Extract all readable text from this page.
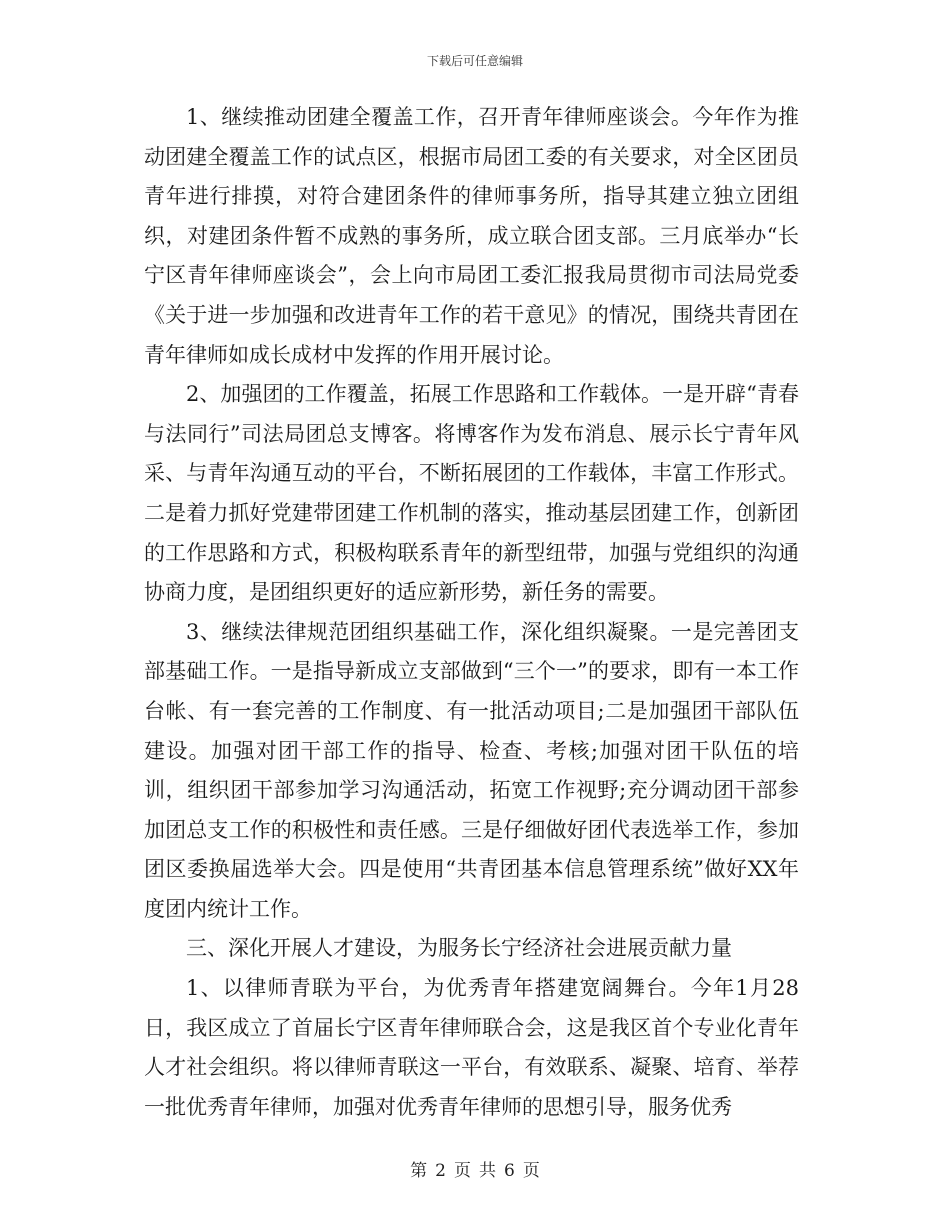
下载后可任意编辑

1、继续推动团建全覆盖工作，召开青年律师座谈会。今年作为推动团建全覆盖工作的试点区，根据市局团工委的有关要求，对全区团员青年进行排摸，对符合建团条件的律师事务所，指导其建立独立团组织，对建团条件暂不成熟的事务所，成立联合团支部。三月底举办“长宁区青年律师座谈会”，会上向市局团工委汇报我局贯彻市司法局党委《关于进一步加强和改进青年工作的若干意见》的情况，围绕共青团在青年律师如成长成材中发挥的作用开展讨论。

2、加强团的工作覆盖，拓展工作思路和工作载体。一是开辟“青春与法同行”司法局团总支博客。将博客作为发布消息、展示长宁青年风采、与青年沟通互动的平台，不断拓展团的工作载体，丰富工作形式。二是着力抓好党建带团建工作机制的落实，推动基层团建工作，创新团的工作思路和方式，积极构联系青年的新型纽带，加强与党组织的沟通协商力度，是团组织更好的适应新形势，新任务的需要。

3、继续法律规范团组织基础工作，深化组织凝聚。一是完善团支部基础工作。一是指导新成立支部做到“三个一”的要求，即有一本工作台帐、有一套完善的工作制度、有一批活动项目;二是加强团干部队伍建设。加强对团干部工作的指导、检查、考核;加强对团干队伍的培训，组织团干部参加学习沟通活动，拓宽工作视野;充分调动团干部参加团总支工作的积极性和责任感。三是仔细做好团代表选举工作，参加团区委换届选举大会。四是使用“共青团基本信息管理系统”做好XX年度团内统计工作。

三、深化开展人才建设，为服务长宁经济社会进展贡献力量

1、以律师青联为平台，为优秀青年搭建宽阔舞台。今年1月28日，我区成立了首届长宁区青年律师联合会，这是我区首个专业化青年人才社会组织。将以律师青联这一平台，有效联系、凝聚、培育、举荐一批优秀青年律师，加强对优秀青年律师的思想引导，服务优秀

第 2 页 共 6 页
